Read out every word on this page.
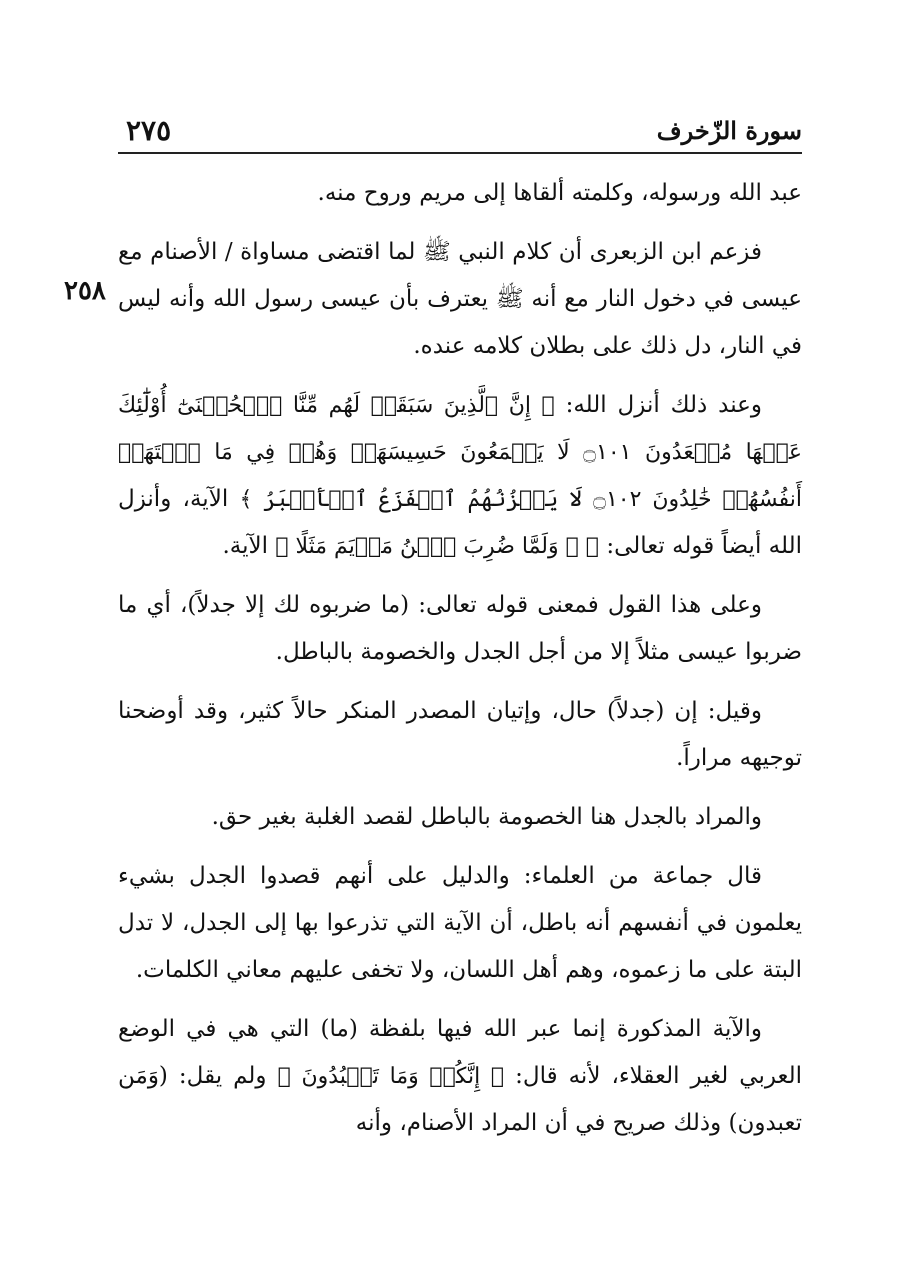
سورة الزّخرف
٢٧٥
٢٥٨

عبد الله ورسوله، وكلمته ألقاها إلى مريم وروح منه.

فزعم ابن الزبعرى أن كلام النبي ﷺ لما اقتضى مساواة / الأصنام مع عيسى في دخول النار مع أنه ﷺ يعترف بأن عيسى رسول الله وأنه ليس في النار، دل ذلك على بطلان كلامه عنده.

وعند ذلك أنزل الله: ﴿ إِنَّ ٱلَّذِينَ سَبَقَتۡ لَهُم مِّنَّا ٱلۡحُسۡنَىٰٓ أُوْلَٰٓئِكَ عَنۡهَا مُبۡعَدُونَ ۝١٠١ لَا يَسۡمَعُونَ حَسِيسَهَاۖ وَهُمۡ فِي مَا ٱشۡتَهَتۡ أَنفُسُهُمۡ خَٰلِدُونَ ۝١٠٢ لَا يَحۡزُنُهُمُ ٱلۡفَزَعُ ٱلۡأَكۡبَرُ ﴾ الآية، وأنزل الله أيضاً قوله تعالى: ﴿ ۞ وَلَمَّا ضُرِبَ ٱبۡنُ مَرۡيَمَ مَثَلًا ﴾ الآية.

وعلى هذا القول فمعنى قوله تعالى: (ما ضربوه لك إلا جدلاً)، أي ما ضربوا عيسى مثلاً إلا من أجل الجدل والخصومة بالباطل.

وقيل: إن (جدلاً) حال، وإتيان المصدر المنكر حالاً كثير، وقد أوضحنا توجيهه مراراً.

والمراد بالجدل هنا الخصومة بالباطل لقصد الغلبة بغير حق.

قال جماعة من العلماء: والدليل على أنهم قصدوا الجدل بشيء يعلمون في أنفسهم أنه باطل، أن الآية التي تذرعوا بها إلى الجدل، لا تدل البتة على ما زعموه، وهم أهل اللسان، ولا تخفى عليهم معاني الكلمات.

والآية المذكورة إنما عبر الله فيها بلفظة (ما) التي هي في الوضع العربي لغير العقلاء، لأنه قال: ﴿ إِنَّكُمۡ وَمَا تَعۡبُدُونَ ﴾ ولم يقل: (وَمَن تعبدون) وذلك صريح في أن المراد الأصنام، وأنه
